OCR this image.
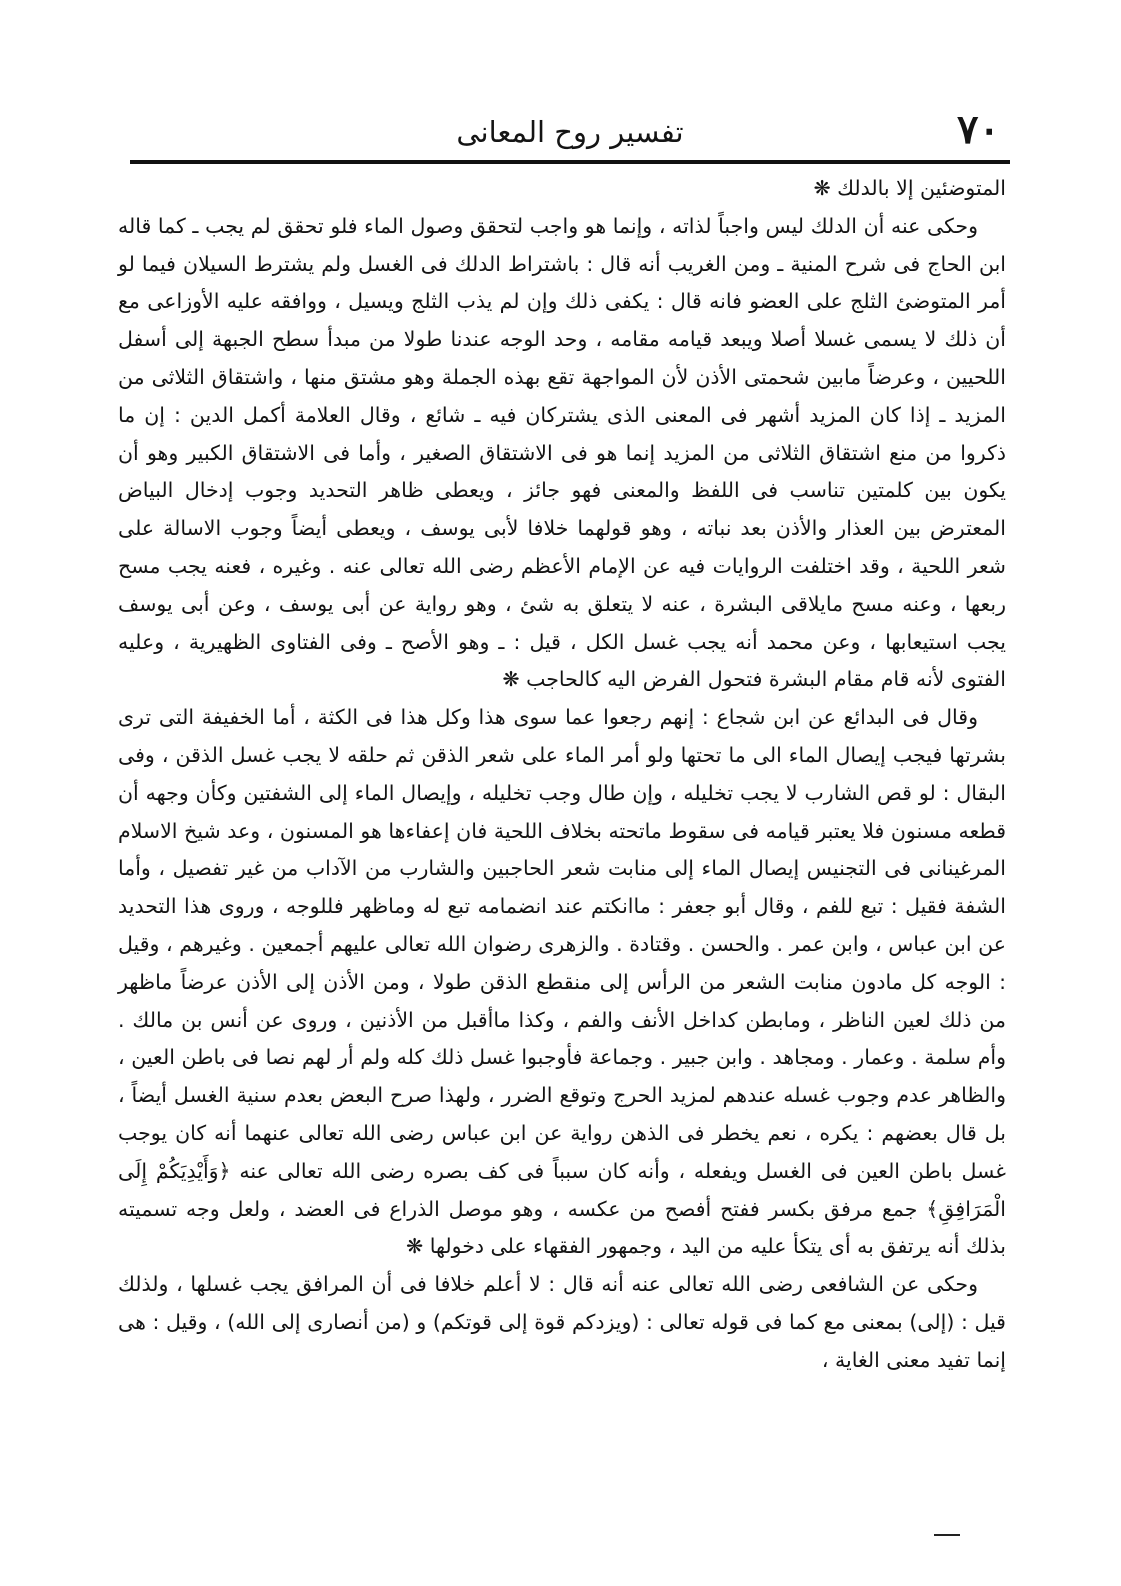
٧٠
تفسير روح المعانى

المتوضئين إلا بالدلك ❋

وحكى عنه أن الدلك ليس واجباً لذاته ، وإنما هو واجب لتحقق وصول الماء فلو تحقق لم يجب ـ كما قاله ابن الحاج فى شرح المنية ـ ومن الغريب أنه قال : باشتراط الدلك فى الغسل ولم يشترط السيلان فيما لو أمر المتوضئ الثلج على العضو فانه قال : يكفى ذلك وإن لم يذب الثلج ويسيل ، ووافقه عليه الأوزاعى مع أن ذلك لا يسمى غسلا أصلا ويبعد قيامه مقامه ، وحد الوجه عندنا طولا من مبدأ سطح الجبهة إلى أسفل اللحيين ، وعرضاً مابين شحمتى الأذن لأن المواجهة تقع بهذه الجملة وهو مشتق منها ، واشتقاق الثلاثى من المزيد ـ إذا كان المزيد أشهر فى المعنى الذى يشتركان فيه ـ شائع ، وقال العلامة أكمل الدين : إن ما ذكروا من منع اشتقاق الثلاثى من المزيد إنما هو فى الاشتقاق الصغير ، وأما فى الاشتقاق الكبير وهو أن يكون بين كلمتين تناسب فى اللفظ والمعنى فهو جائز ، ويعطى ظاهر التحديد وجوب إدخال البياض المعترض بين العذار والأذن بعد نباته ، وهو قولهما خلافا لأبى يوسف ، ويعطى أيضاً وجوب الاسالة على شعر اللحية ، وقد اختلفت الروايات فيه عن الإمام الأعظم رضى الله تعالى عنه . وغيره ، فعنه يجب مسح ربعها ، وعنه مسح مايلاقى البشرة ، عنه لا يتعلق به شئ ، وهو رواية عن أبى يوسف ، وعن أبى يوسف يجب استيعابها ، وعن محمد أنه يجب غسل الكل ، قيل : ـ وهو الأصح ـ وفى الفتاوى الظهيرية ، وعليه الفتوى لأنه قام مقام البشرة فتحول الفرض اليه كالحاجب ❋

وقال فى البدائع عن ابن شجاع : إنهم رجعوا عما سوى هذا وكل هذا فى الكثة ، أما الخفيفة التى ترى بشرتها فيجب إيصال الماء الى ما تحتها ولو أمر الماء على شعر الذقن ثم حلقه لا يجب غسل الذقن ، وفى البقال : لو قص الشارب لا يجب تخليله ، وإن طال وجب تخليله ، وإيصال الماء إلى الشفتين وكأن وجهه أن قطعه مسنون فلا يعتبر قيامه فى سقوط ماتحته بخلاف اللحية فان إعفاءها هو المسنون ، وعد شيخ الاسلام المرغينانى فى التجنيس إيصال الماء إلى منابت شعر الحاجبين والشارب من الآداب من غير تفصيل ، وأما الشفة فقيل : تبع للفم ، وقال أبو جعفر : ماانكتم عند انضمامه تبع له وماظهر فللوجه ، وروى هذا التحديد عن ابن عباس ، وابن عمر . والحسن . وقتادة . والزهرى رضوان الله تعالى عليهم أجمعين . وغيرهم ، وقيل : الوجه كل مادون منابت الشعر من الرأس إلى منقطع الذقن طولا ، ومن الأذن إلى الأذن عرضاً ماظهر من ذلك لعين الناظر ، ومابطن كداخل الأنف والفم ، وكذا ماأقبل من الأذنين ، وروى عن أنس بن مالك . وأم سلمة . وعمار . ومجاهد . وابن جبير . وجماعة فأوجبوا غسل ذلك كله ولم أر لهم نصا فى باطن العين ، والظاهر عدم وجوب غسله عندهم لمزيد الحرج وتوقع الضرر ، ولهذا صرح البعض بعدم سنية الغسل أيضاً ، بل قال بعضهم : يكره ، نعم يخطر فى الذهن رواية عن ابن عباس رضى الله تعالى عنهما أنه كان يوجب غسل باطن العين فى الغسل ويفعله ، وأنه كان سبباً فى كف بصره رضى الله تعالى عنه ﴿وَأَيْدِيَكُمْ إِلَى الْمَرَافِقِ﴾ جمع مرفق بكسر ففتح أفصح من عكسه ، وهو موصل الذراع فى العضد ، ولعل وجه تسميته بذلك أنه يرتفق به أى يتكأ عليه من اليد ، وجمهور الفقهاء على دخولها ❋

وحكى عن الشافعى رضى الله تعالى عنه أنه قال : لا أعلم خلافا فى أن المرافق يجب غسلها ، ولذلك قيل : (إلى) بمعنى مع كما فى قوله تعالى : (ويزدكم قوة إلى قوتكم) و (من أنصارى إلى الله) ، وقيل : هى إنما تفيد معنى الغاية ،
